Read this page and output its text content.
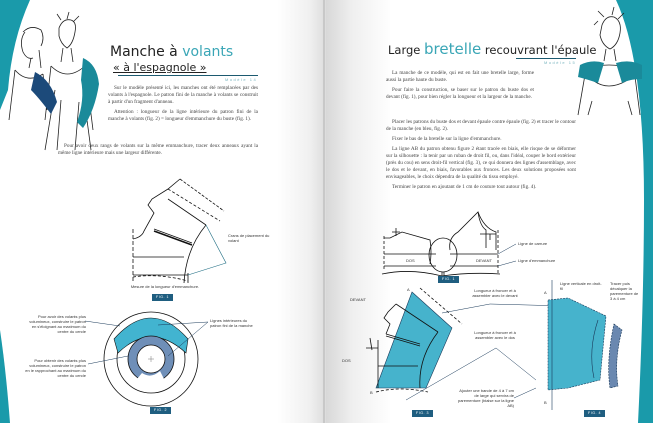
Manche à volants
« à l'espagnole »
Modèle 14

Sur le modèle présenté ici, les manches ont été remplacées par des volants à l'espagnole. Le patron fini de la manche à volants se construit à partir d'un fragment d'anneau.

Attention : longueur de la ligne intérieure du patron fini de la manche à volants (fig. 2) = longueur d'emmanchure du buste (fig. 1).

Pour avoir deux rangs de volants sur la même emmanchure, tracer deux anneaux ayant la même ligne intérieure mais une largeur différente.

Crans de placement du volant
Mesure de la longueur d'emmanchure.
FIG. 1
Pour avoir des volants plus volumineux, construire le patron en s'éloignant au maximum du centre du cercle
Pour obtenir des volants plus volumineux, construire le patron en le rapprochant au maximum du centre du cercle
Lignes intérieures du patron fini de la manche
FIG. 2
Large bretelle recouvrant l'épaule
Modèle 15

La manche de ce modèle, qui est en fait une bretelle large, forme aussi la partie haute du buste.

Pour faire la construction, se baser sur le patron du buste dos et devant (fig. 1), pour bien régler la longueur et la largeur de la manche.

Placer les patrons du buste dos et devant épaule contre épaule (fig. 2) et tracer le contour de la manche (en bleu, fig. 2).

Fixer le bas de la bretelle sur la ligne d'emmanchure.

La ligne AB du patron obtenu figure 2 étant tracée en biais, elle risque de se déformer sur la silhouette : la tenir par un ruban de droit fil, ou, dans l'idéal, couper le bord extérieur (près du cou) en sens droit-fil vertical (fig. 3), ce qui donnera des lignes d'assemblage, avec le dos et le devant, en biais, favorables aux fronces. Les deux solutions proposées sont envisageables, le choix dépendra de la qualité du tissu employé.

Terminer le patron en ajoutant de 1 cm de couture tout autour (fig. 4).

DOS	DEVANT
Ligne de carrure
Ligne d'emmanchure
FIG. 1
DEVANT
DOS
A
B
Longueur à froncer et à assembler avec le devant
Longueur à froncer et à assembler avec le dos
Ajouter une bande de 4 à 7 cm de large qui servira de parementure (biaise sur la ligne AB)
FIG. 3
A
B
Ligne verticale en droit-fil
Tracer puis décalquer la parementure de 3 à 4 cm
FIG. 4
